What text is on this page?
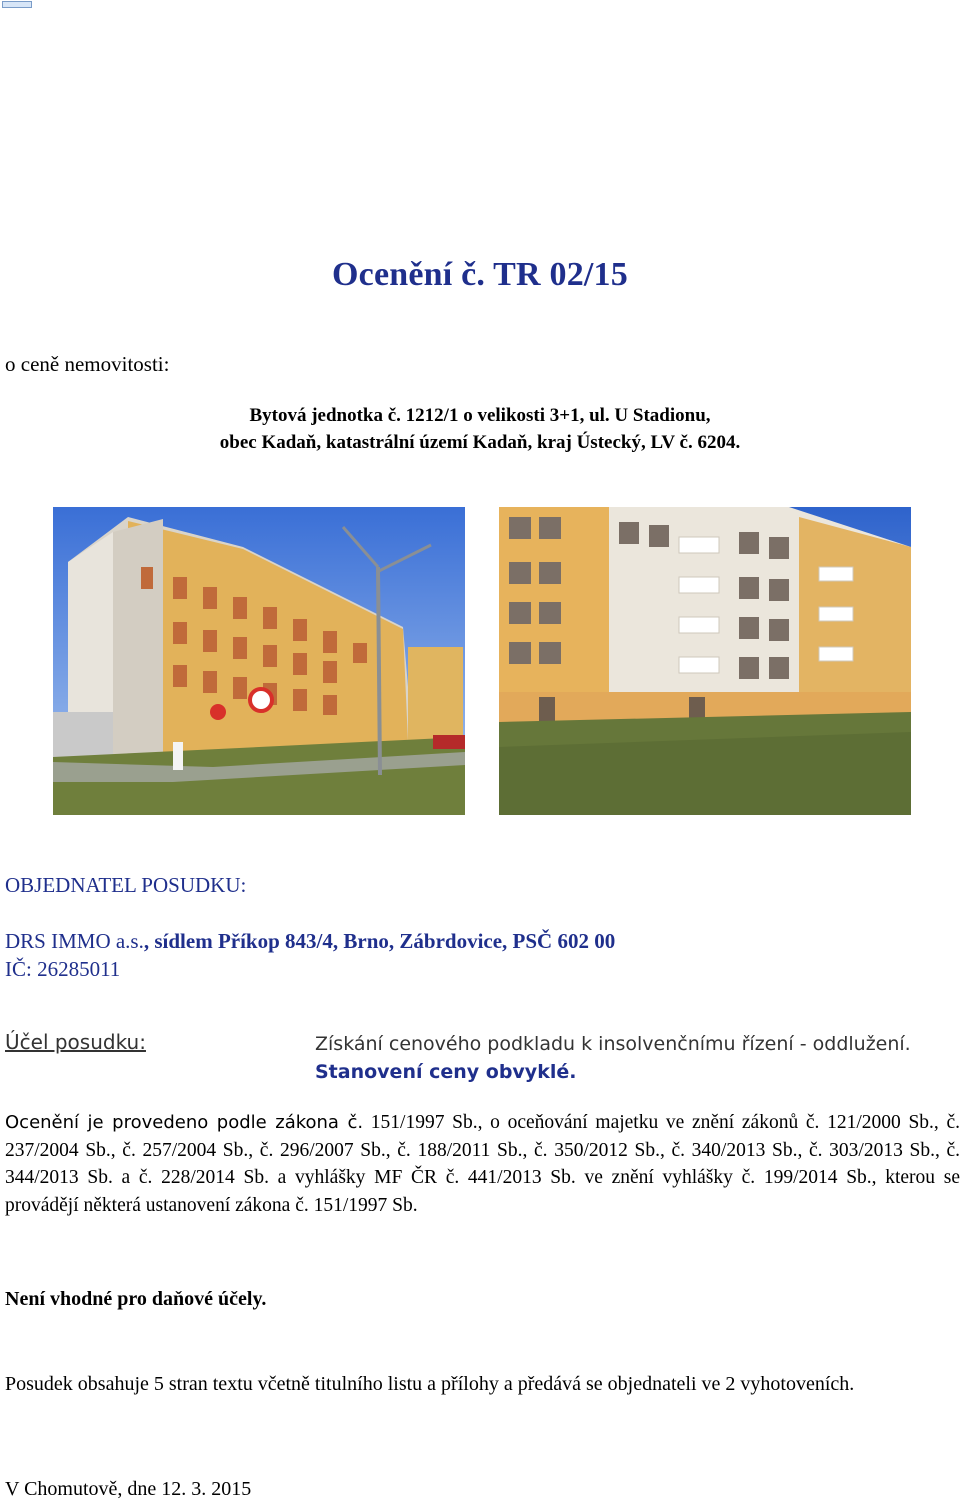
Ocenění č. TR 02/15
o ceně nemovitosti:
Bytová jednotka č. 1212/1 o velikosti 3+1, ul. U Stadionu,
obec Kadaň, katastrální území Kadaň, kraj Ústecký, LV č. 6204.
OBJEDNATEL POSUDKU:
DRS IMMO a.s., sídlem Příkop 843/4, Brno, Zábrdovice, PSČ 602 00
IČ: 26285011
Účel posudku:	Získání cenového podkladu k insolvenčnímu řízení - oddlužení.
Stanovení ceny obvyklé.
Ocenění je provedeno podle zákona č. 151/1997 Sb., o oceňování majetku ve znění zákonů č. 121/2000 Sb., č. 237/2004 Sb., č. 257/2004 Sb., č. 296/2007 Sb., č. 188/2011 Sb., č. 350/2012 Sb., č. 340/2013 Sb., č. 303/2013 Sb., č. 344/2013 Sb. a č. 228/2014 Sb. a vyhlášky MF ČR č. 441/2013 Sb. ve znění vyhlášky č. 199/2014 Sb., kterou se provádějí některá ustanovení zákona č. 151/1997 Sb.
Není vhodné pro daňové účely.
Posudek obsahuje 5 stran textu včetně titulního listu a přílohy a předává se objednateli ve 2 vyhotoveních.
V Chomutově, dne 12. 3. 2015
